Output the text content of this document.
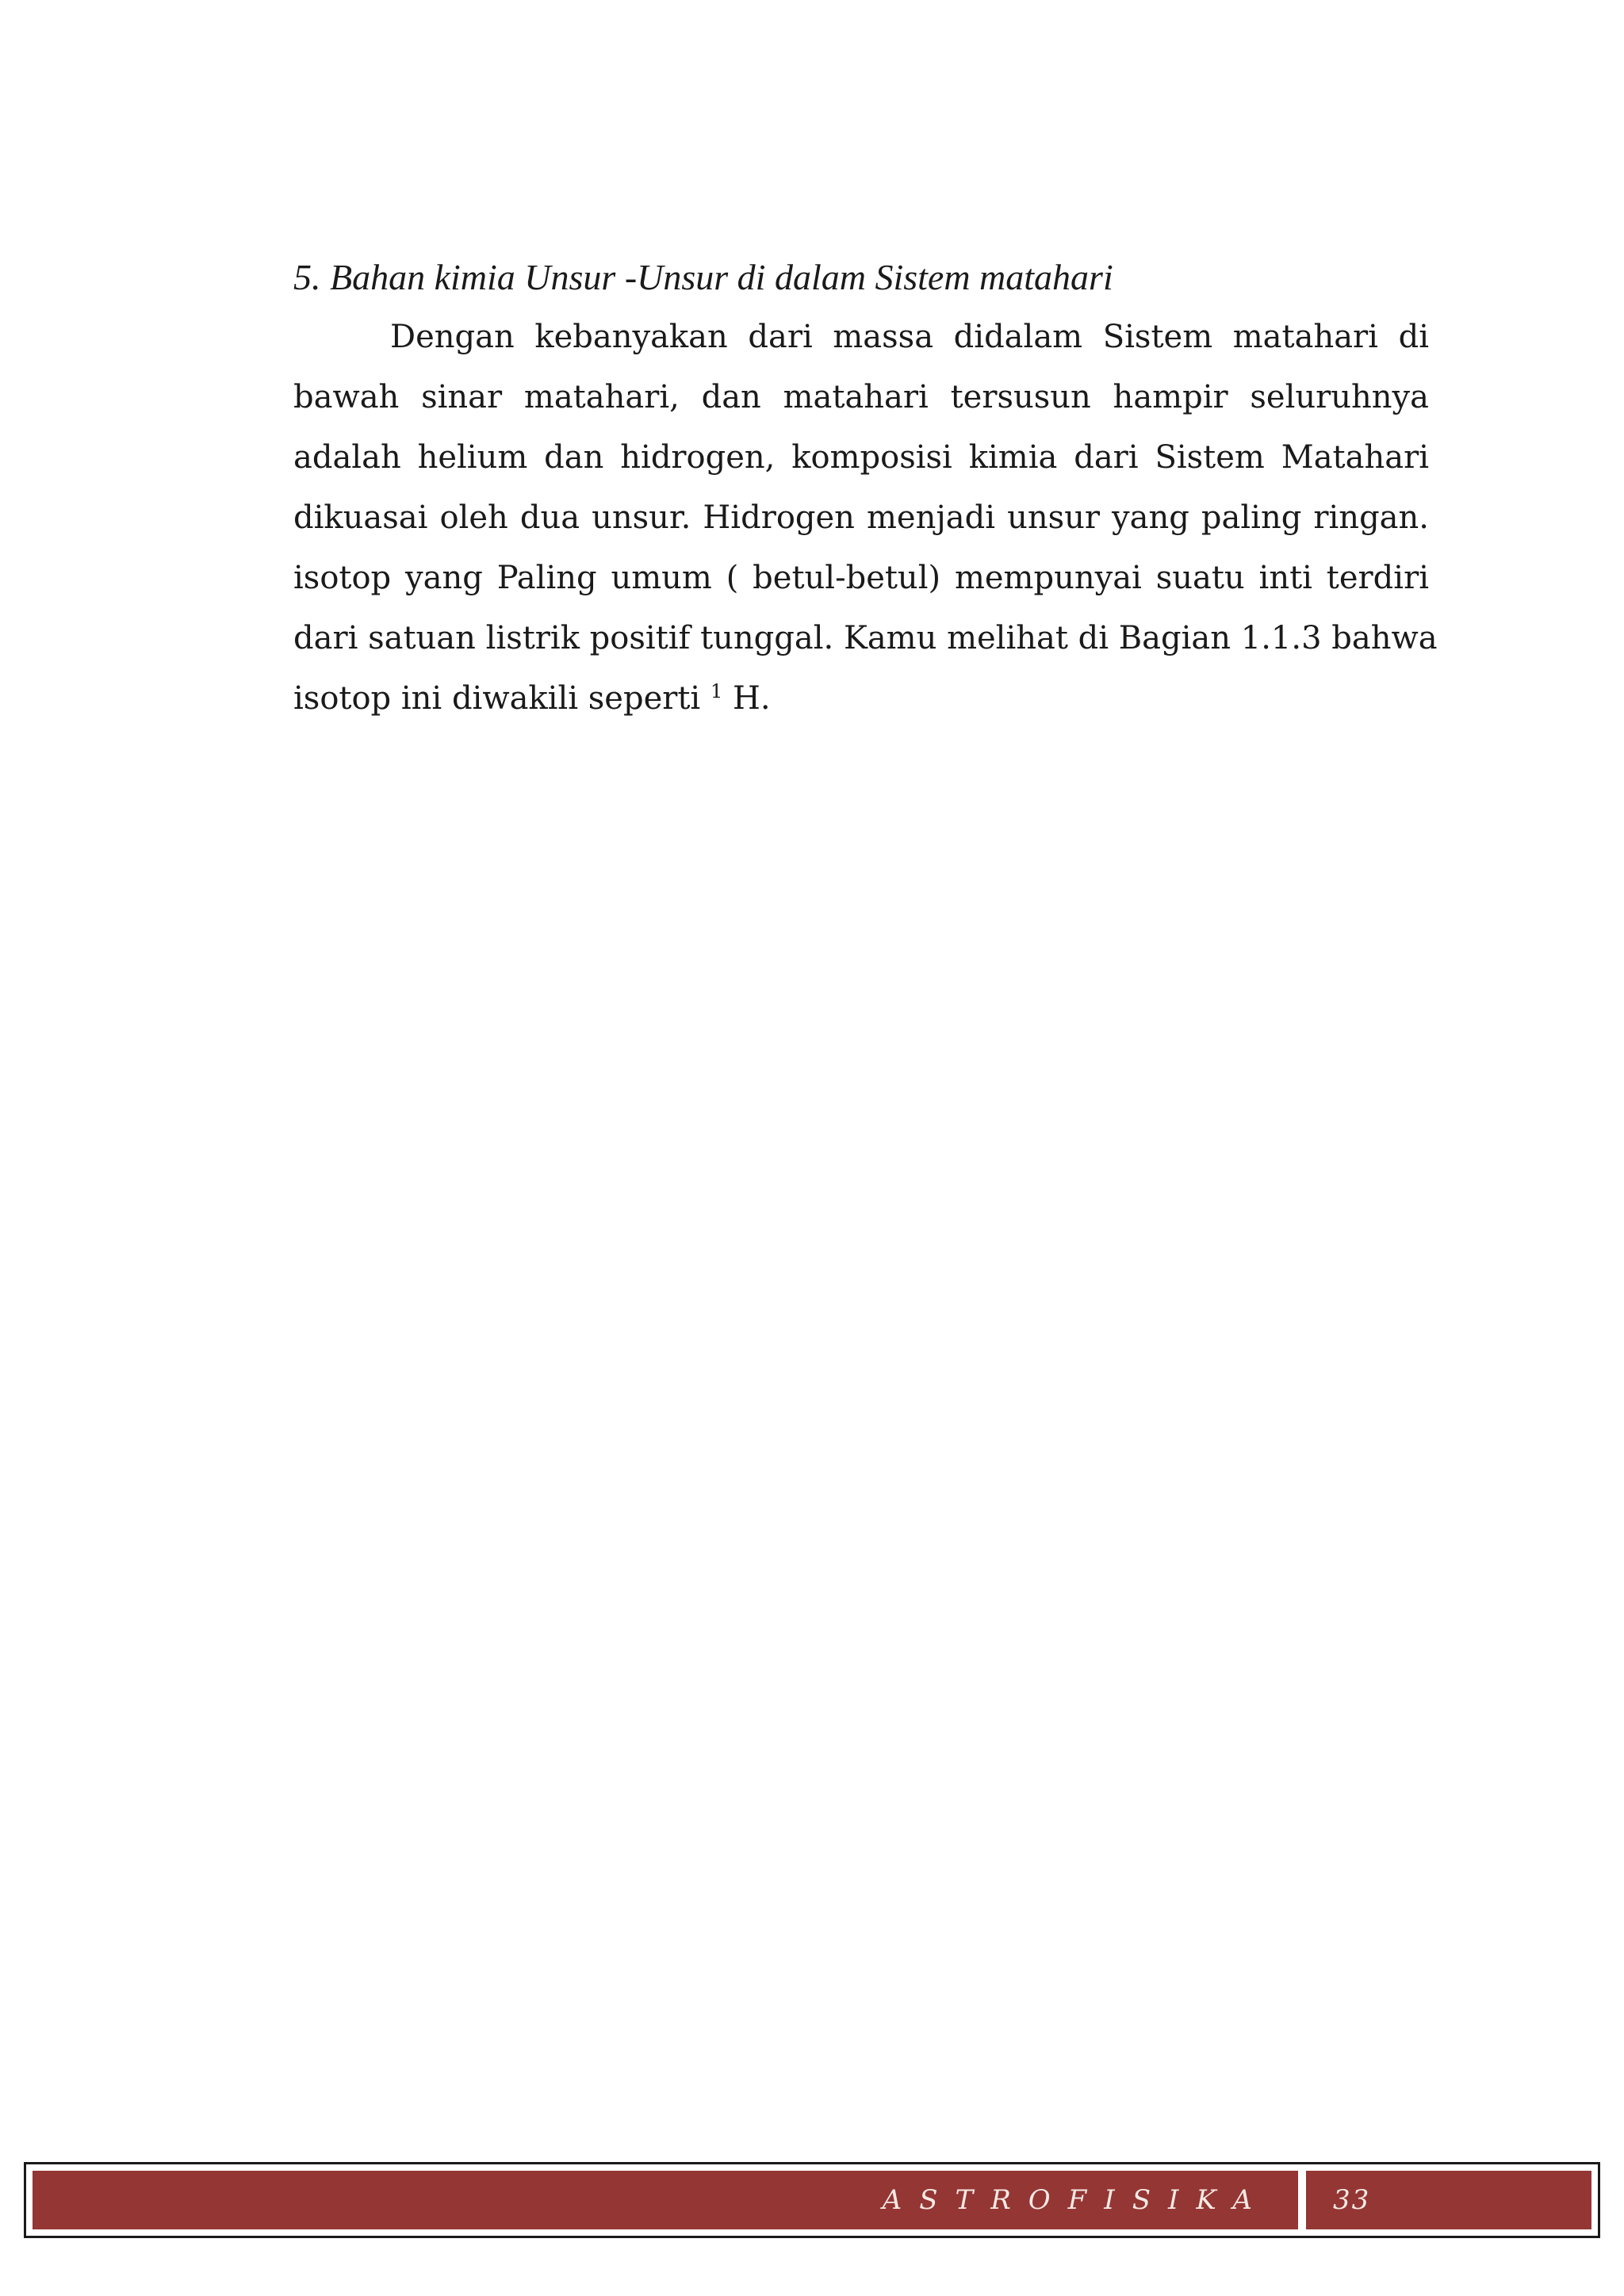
5. Bahan kimia Unsur -Unsur di dalam Sistem matahari
Dengan kebanyakan dari massa didalam Sistem matahari di
bawah sinar matahari, dan matahari tersusun hampir seluruhnya
adalah helium dan hidrogen, komposisi kimia dari Sistem Matahari
dikuasai oleh dua unsur. Hidrogen menjadi unsur yang paling ringan.
isotop yang Paling umum ( betul-betul) mempunyai suatu inti terdiri
dari satuan listrik positif tunggal. Kamu melihat di Bagian 1.1.3 bahwa
isotop ini diwakili seperti $^1$ H.
ASTROFISIKA 33
